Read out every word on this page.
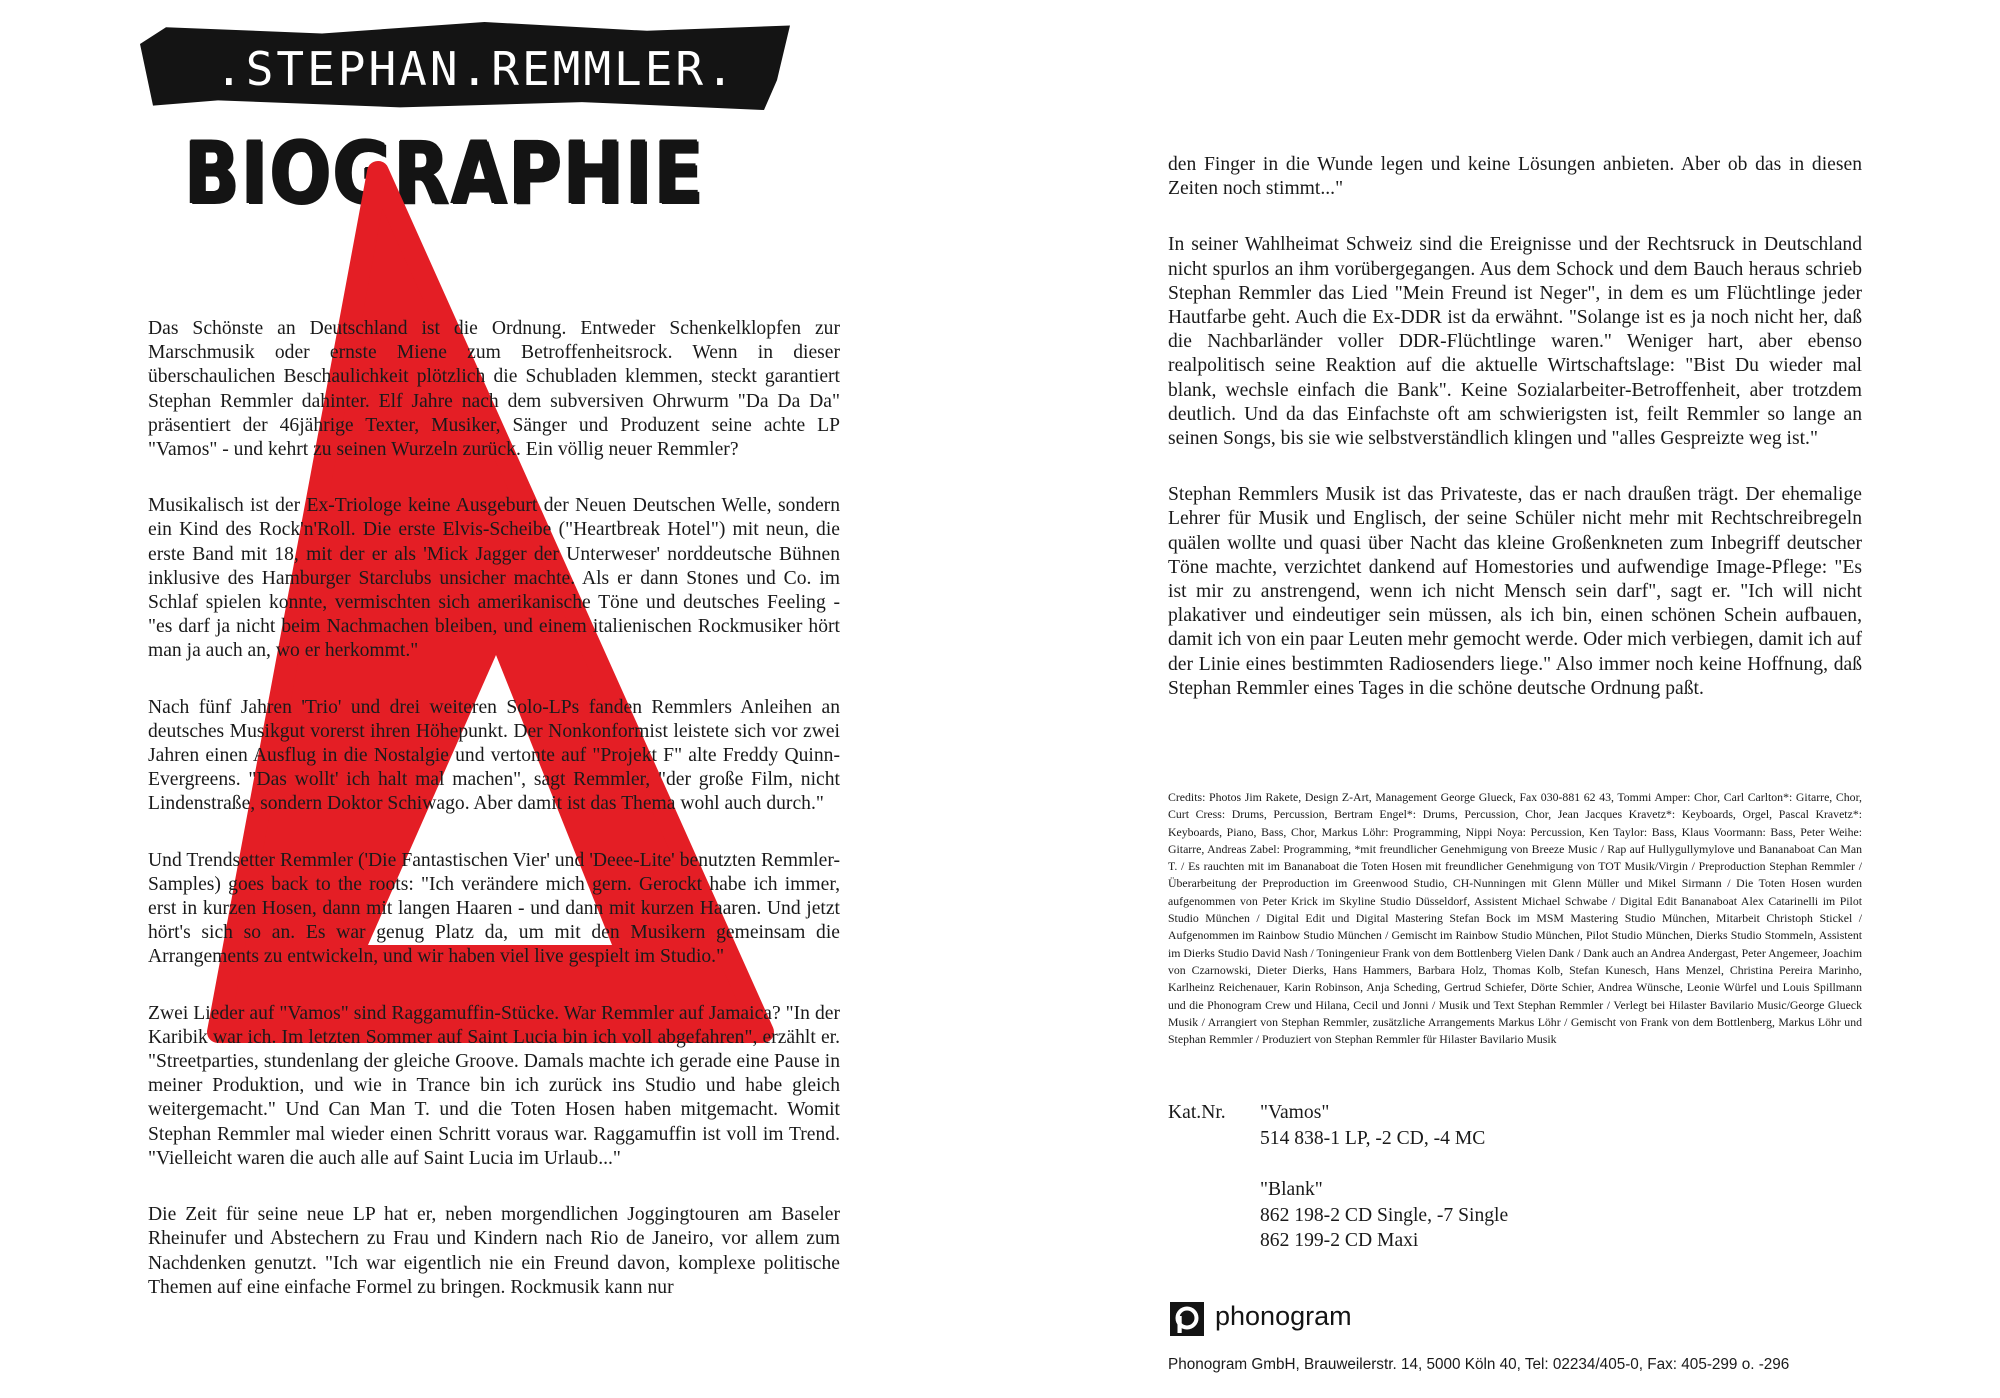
.STEPHAN.REMMLER.
BIOGRAPHIE

Das Schönste an Deutschland ist die Ordnung. Entweder Schenkelklopfen zur Marschmusik oder ernste Miene zum Betroffenheitsrock. Wenn in dieser überschaulichen Beschaulichkeit plötzlich die Schubladen klemmen, steckt garantiert Stephan Remmler dahinter. Elf Jahre nach dem subversiven Ohrwurm "Da Da Da" präsentiert der 46jährige Texter, Musiker, Sänger und Produzent seine achte LP "Vamos" - und kehrt zu seinen Wurzeln zurück. Ein völlig neuer Remmler?

Musikalisch ist der Ex-Triologe keine Ausgeburt der Neuen Deutschen Welle, sondern ein Kind des Rock'n'Roll. Die erste Elvis-Scheibe ("Heartbreak Hotel") mit neun, die erste Band mit 18, mit der er als 'Mick Jagger der Unterweser' norddeutsche Bühnen inklusive des Hamburger Starclubs unsicher machte. Als er dann Stones und Co. im Schlaf spielen konnte, vermischten sich amerikanische Töne und deutsches Feeling - "es darf ja nicht beim Nachmachen bleiben, und einem italienischen Rockmusiker hört man ja auch an, wo er herkommt."

Nach fünf Jahren 'Trio' und drei weiteren Solo-LPs fanden Remmlers Anleihen an deutsches Musikgut vorerst ihren Höhepunkt. Der Nonkonformist leistete sich vor zwei Jahren einen Ausflug in die Nostalgie und vertonte auf "Projekt F" alte Freddy Quinn-Evergreens. "Das wollt' ich halt mal machen", sagt Remmler, "der große Film, nicht Lindenstraße, sondern Doktor Schiwago. Aber damit ist das Thema wohl auch durch."

Und Trendsetter Remmler ('Die Fantastischen Vier' und 'Deee-Lite' benutzten Remmler-Samples) goes back to the roots: "Ich verändere mich gern. Gerockt habe ich immer, erst in kurzen Hosen, dann mit langen Haaren - und dann mit kurzen Haaren. Und jetzt hört's sich so an. Es war genug Platz da, um mit den Musikern gemeinsam die Arrangements zu entwickeln, und wir haben viel live gespielt im Studio."

Zwei Lieder auf "Vamos" sind Raggamuffin-Stücke. War Remmler auf Jamaica? "In der Karibik war ich. Im letzten Sommer auf Saint Lucia bin ich voll abgefahren", erzählt er. "Streetparties, stundenlang der gleiche Groove. Damals machte ich gerade eine Pause in meiner Produktion, und wie in Trance bin ich zurück ins Studio und habe gleich weitergemacht." Und Can Man T. und die Toten Hosen haben mitgemacht. Womit Stephan Remmler mal wieder einen Schritt voraus war. Raggamuffin ist voll im Trend. "Vielleicht waren die auch alle auf Saint Lucia im Urlaub..."

Die Zeit für seine neue LP hat er, neben morgendlichen Joggingtouren am Baseler Rheinufer und Abstechern zu Frau und Kindern nach Rio de Janeiro, vor allem zum Nachdenken genutzt. "Ich war eigentlich nie ein Freund davon, komplexe politische Themen auf eine einfache Formel zu bringen. Rockmusik kann nur

den Finger in die Wunde legen und keine Lösungen anbieten. Aber ob das in diesen Zeiten noch stimmt..."

In seiner Wahlheimat Schweiz sind die Ereignisse und der Rechtsruck in Deutschland nicht spurlos an ihm vorübergegangen. Aus dem Schock und dem Bauch heraus schrieb Stephan Remmler das Lied "Mein Freund ist Neger", in dem es um Flüchtlinge jeder Hautfarbe geht. Auch die Ex-DDR ist da erwähnt. "Solange ist es ja noch nicht her, daß die Nachbarländer voller DDR-Flüchtlinge waren." Weniger hart, aber ebenso realpolitisch seine Reaktion auf die aktuelle Wirtschaftslage: "Bist Du wieder mal blank, wechsle einfach die Bank". Keine Sozialarbeiter-Betroffenheit, aber trotzdem deutlich. Und da das Einfachste oft am schwierigsten ist, feilt Remmler so lange an seinen Songs, bis sie wie selbstverständlich klingen und "alles Gespreizte weg ist."

Stephan Remmlers Musik ist das Privateste, das er nach draußen trägt. Der ehemalige Lehrer für Musik und Englisch, der seine Schüler nicht mehr mit Rechtschreibregeln quälen wollte und quasi über Nacht das kleine Großenkneten zum Inbegriff deutscher Töne machte, verzichtet dankend auf Homestories und aufwendige Image-Pflege: "Es ist mir zu anstrengend, wenn ich nicht Mensch sein darf", sagt er. "Ich will nicht plakativer und eindeutiger sein müssen, als ich bin, einen schönen Schein aufbauen, damit ich von ein paar Leuten mehr gemocht werde. Oder mich verbiegen, damit ich auf der Linie eines bestimmten Radiosenders liege." Also immer noch keine Hoffnung, daß Stephan Remmler eines Tages in die schöne deutsche Ordnung paßt.

Credits: Photos Jim Rakete, Design Z-Art, Management George Glueck, Fax 030-881 62 43, Tommi Amper: Chor, Carl Carlton*: Gitarre, Chor, Curt Cress: Drums, Percussion, Bertram Engel*: Drums, Percussion, Chor, Jean Jacques Kravetz*: Keyboards, Orgel, Pascal Kravetz*: Keyboards, Piano, Bass, Chor, Markus Löhr: Programming, Nippi Noya: Percussion, Ken Taylor: Bass, Klaus Voormann: Bass, Peter Weihe: Gitarre, Andreas Zabel: Programming, *mit freundlicher Genehmigung von Breeze Music / Rap auf Hullygullymylove und Bananaboat Can Man T. / Es rauchten mit im Bananaboat die Toten Hosen mit freundlicher Genehmigung von TOT Musik/Virgin / Preproduction Stephan Remmler / Überarbeitung der Preproduction im Greenwood Studio, CH-Nunningen mit Glenn Müller und Mikel Sirmann / Die Toten Hosen wurden aufgenommen von Peter Krick im Skyline Studio Düsseldorf, Assistent Michael Schwabe / Digital Edit Bananaboat Alex Catarinelli im Pilot Studio München / Digital Edit und Digital Mastering Stefan Bock im MSM Mastering Studio München, Mitarbeit Christoph Stickel / Aufgenommen im Rainbow Studio München / Gemischt im Rainbow Studio München, Pilot Studio München, Dierks Studio Stommeln, Assistent im Dierks Studio David Nash / Toningenieur Frank von dem Bottlenberg Vielen Dank / Dank auch an Andrea Andergast, Peter Angemeer, Joachim von Czarnowski, Dieter Dierks, Hans Hammers, Barbara Holz, Thomas Kolb, Stefan Kunesch, Hans Menzel, Christina Pereira Marinho, Karlheinz Reichenauer, Karin Robinson, Anja Scheding, Gertrud Schiefer, Dörte Schier, Andrea Wünsche, Leonie Würfel und Louis Spillmann und die Phonogram Crew und Hilana, Cecil und Jonni / Musik und Text Stephan Remmler / Verlegt bei Hilaster Bavilario Music/George Glueck Musik / Arrangiert von Stephan Remmler, zusätzliche Arrangements Markus Löhr / Gemischt von Frank von dem Bottlenberg, Markus Löhr und Stephan Remmler / Produziert von Stephan Remmler für Hilaster Bavilario Musik
Kat.Nr. "Vamos"

514 838-1 LP, -2 CD, -4 MC

"Blank"

862 198-2 CD Single, -7 Single

862 199-2 CD Maxi

phonogram
Phonogram GmbH, Brauweilerstr. 14, 5000 Köln 40, Tel: 02234/405-0, Fax: 405-299 o. -296
